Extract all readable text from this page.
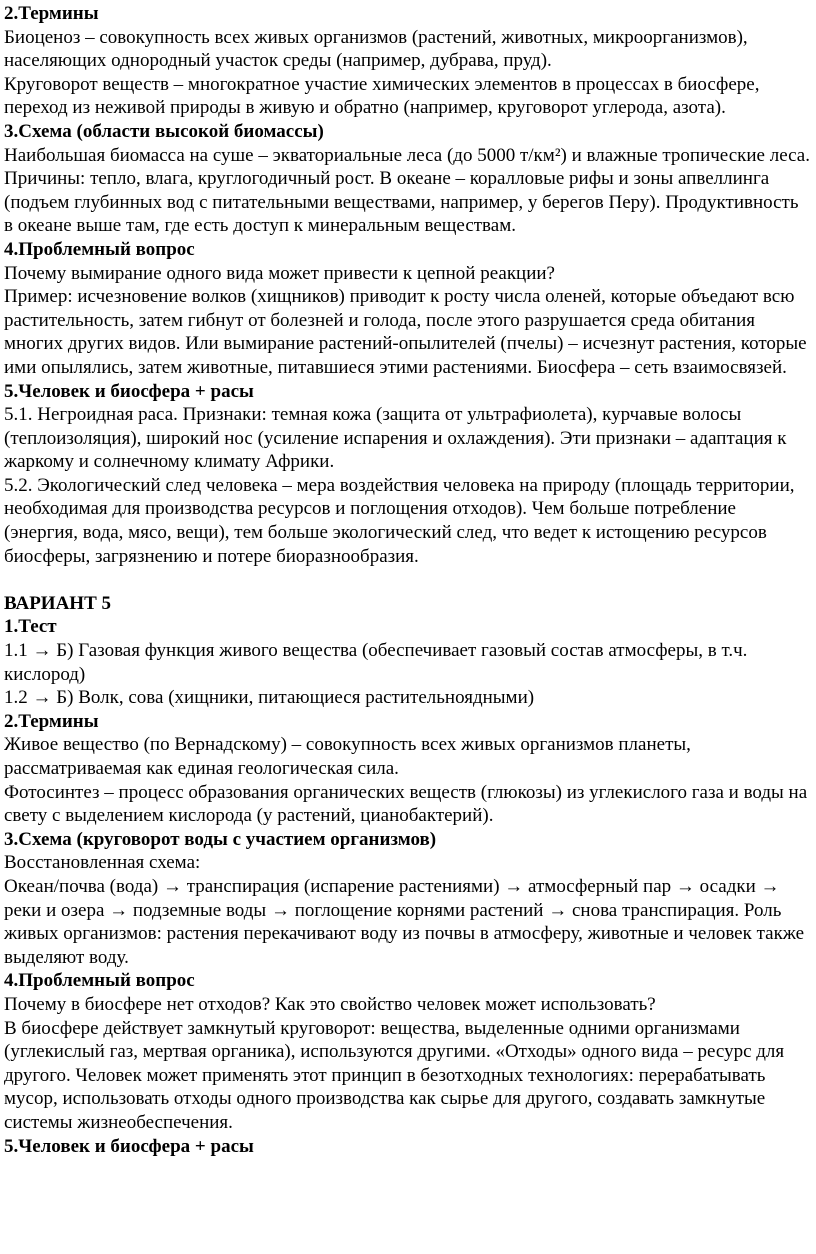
2.Термины

Биоценоз – совокупность всех живых организмов (растений, животных, микроорганизмов), населяющих однородный участок среды (например, дубрава, пруд).

Круговорот веществ – многократное участие химических элементов в процессах в биосфере, переход из неживой природы в живую и обратно (например, круговорот углерода, азота).

3.Схема (области высокой биомассы)

Наибольшая биомасса на суше – экваториальные леса (до 5000 т/км²) и влажные тропические леса. Причины: тепло, влага, круглогодичный рост. В океане – коралловые рифы и зоны апвеллинга (подъем глубинных вод с питательными веществами, например, у берегов Перу). Продуктивность в океане выше там, где есть доступ к минеральным веществам.

4.Проблемный вопрос

Почему вымирание одного вида может привести к цепной реакции?

Пример: исчезновение волков (хищников) приводит к росту числа оленей, которые объедают всю растительность, затем гибнут от болезней и голода, после этого разрушается среда обитания многих других видов. Или вымирание растений-опылителей (пчелы) – исчезнут растения, которые ими опылялись, затем животные, питавшиеся этими растениями. Биосфера – сеть взаимосвязей.

5.Человек и биосфера + расы

5.1. Негроидная раса. Признаки: темная кожа (защита от ультрафиолета), курчавые волосы (теплоизоляция), широкий нос (усиление испарения и охлаждения). Эти признаки – адаптация к жаркому и солнечному климату Африки.

5.2. Экологический след человека – мера воздействия человека на природу (площадь территории, необходимая для производства ресурсов и поглощения отходов). Чем больше потребление (энергия, вода, мясо, вещи), тем больше экологический след, что ведет к истощению ресурсов биосферы, загрязнению и потере биоразнообразия.

ВАРИАНТ 5

1.Тест

1.1 → Б) Газовая функция живого вещества (обеспечивает газовый состав атмосферы, в т.ч. кислород)

1.2 → Б) Волк, сова (хищники, питающиеся растительноядными)

2.Термины

Живое вещество (по Вернадскому) – совокупность всех живых организмов планеты, рассматриваемая как единая геологическая сила.

Фотосинтез – процесс образования органических веществ (глюкозы) из углекислого газа и воды на свету с выделением кислорода (у растений, цианобактерий).

3.Схема (круговорот воды с участием организмов)

Восстановленная схема:

Океан/почва (вода) → транспирация (испарение растениями) → атмосферный пар → осадки → реки и озера → подземные воды → поглощение корнями растений → снова транспирация. Роль живых организмов: растения перекачивают воду из почвы в атмосферу, животные и человек также выделяют воду.

4.Проблемный вопрос

Почему в биосфере нет отходов? Как это свойство человек может использовать?

В биосфере действует замкнутый круговорот: вещества, выделенные одними организмами (углекислый газ, мертвая органика), используются другими. «Отходы» одного вида – ресурс для другого. Человек может применять этот принцип в безотходных технологиях: перерабатывать мусор, использовать отходы одного производства как сырье для другого, создавать замкнутые системы жизнеобеспечения.

5.Человек и биосфера + расы
